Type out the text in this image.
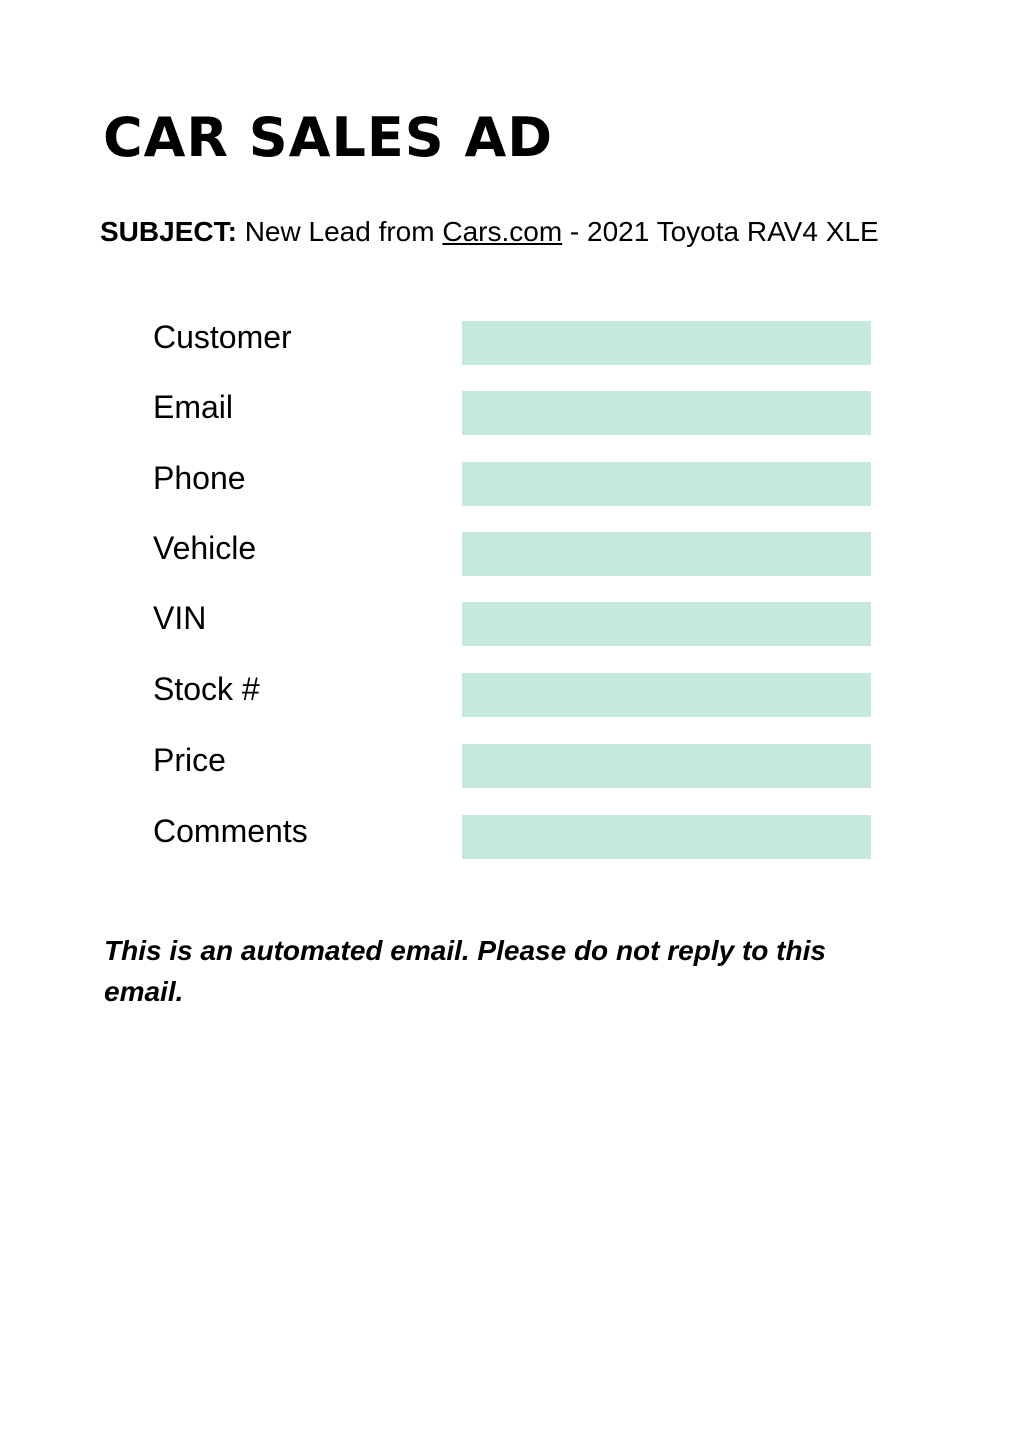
CAR SALES AD
SUBJECT: New Lead from Cars.com - 2021 Toyota RAV4 XLE
Customer
Email
Phone
Vehicle
VIN
Stock #
Price
Comments

This is an automated email. Please do not reply to this email.
